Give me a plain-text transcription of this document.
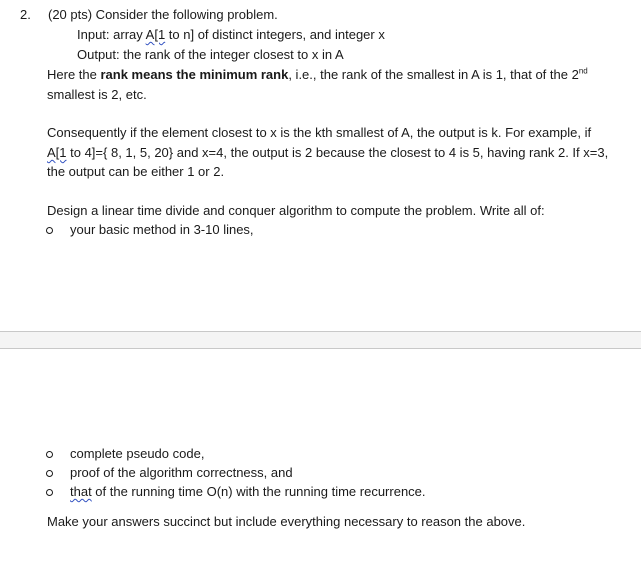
2. (20 pts) Consider the following problem.
Input: array A[1 to n] of distinct integers, and integer x
Output: the rank of the integer closest to x in A
Here the rank means the minimum rank, i.e., the rank of the smallest in A is 1, that of the 2nd
smallest is 2, etc.
Consequently if the element closest to x is the kth smallest of A, the output is k. For example, if
A[1 to 4]={ 8, 1, 5, 20} and x=4, the output is 2 because the closest to 4 is 5, having rank 2. If x=3,
the output can be either 1 or 2.
Design a linear time divide and conquer algorithm to compute the problem. Write all of:
your basic method in 3-10 lines,
complete pseudo code,
proof of the algorithm correctness, and
that of the running time O(n) with the running time recurrence.
Make your answers succinct but include everything necessary to reason the above.
